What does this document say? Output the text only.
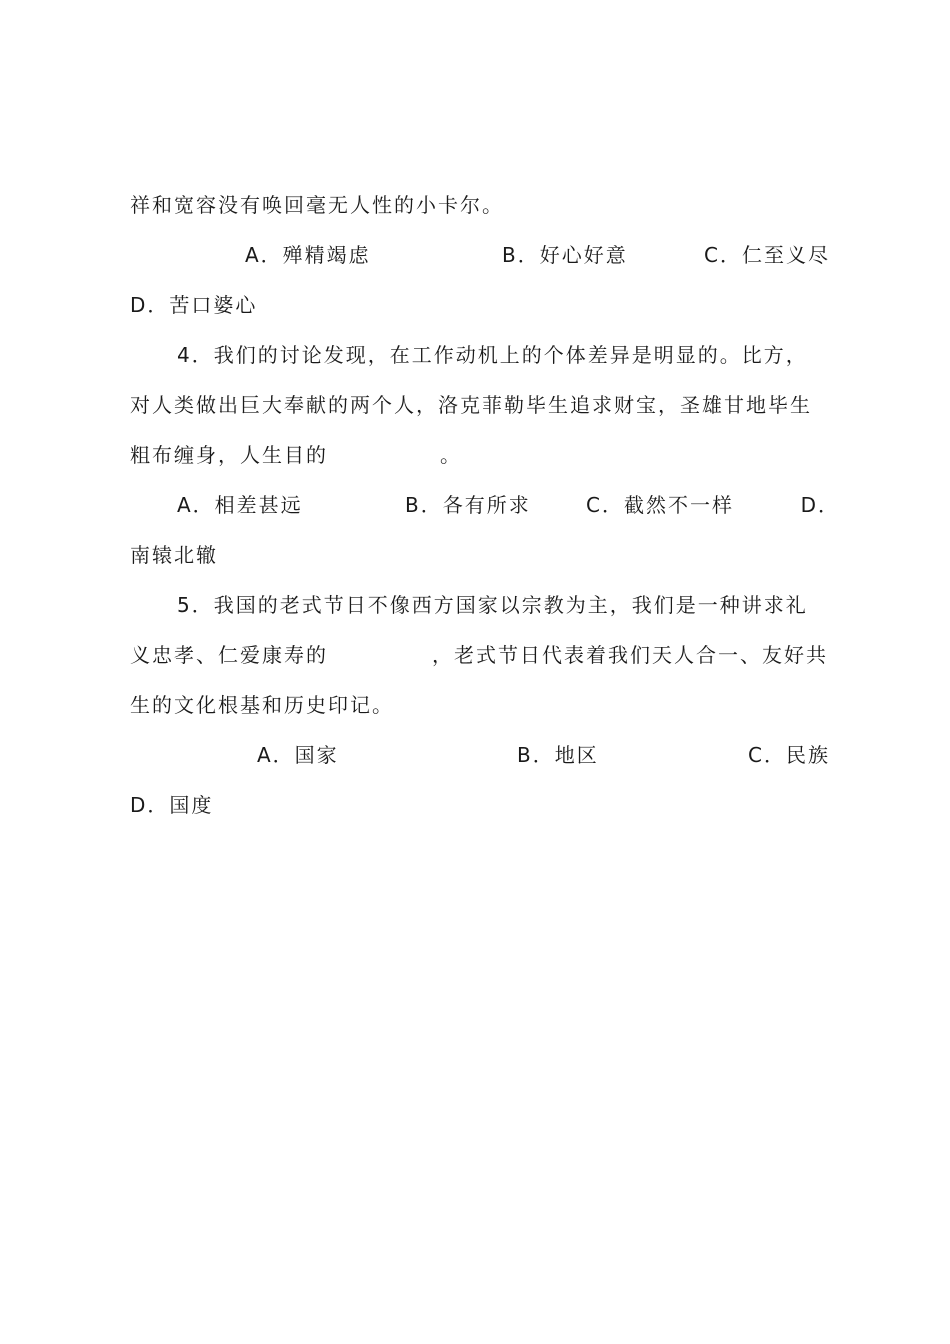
祥和宽容没有唤回毫无人性的小卡尔。
A．殚精竭虑	B．好心好意	C．仁至义尽
D．苦口婆心
4．我们的讨论发现，在工作动机上的个体差异是明显的。比方，
对人类做出巨大奉献的两个人，洛克菲勒毕生追求财宝，圣雄甘地毕生
粗布缠身，人生目的	。
A．相差甚远	B．各有所求	C．截然不一样	D．
南辕北辙
5．我国的老式节日不像西方国家以宗教为主，我们是一种讲求礼
义忠孝、仁爱康寿的	，老式节日代表着我们天人合一、友好共
生的文化根基和历史印记。
A．国家	B．地区	C．民族
D．国度
